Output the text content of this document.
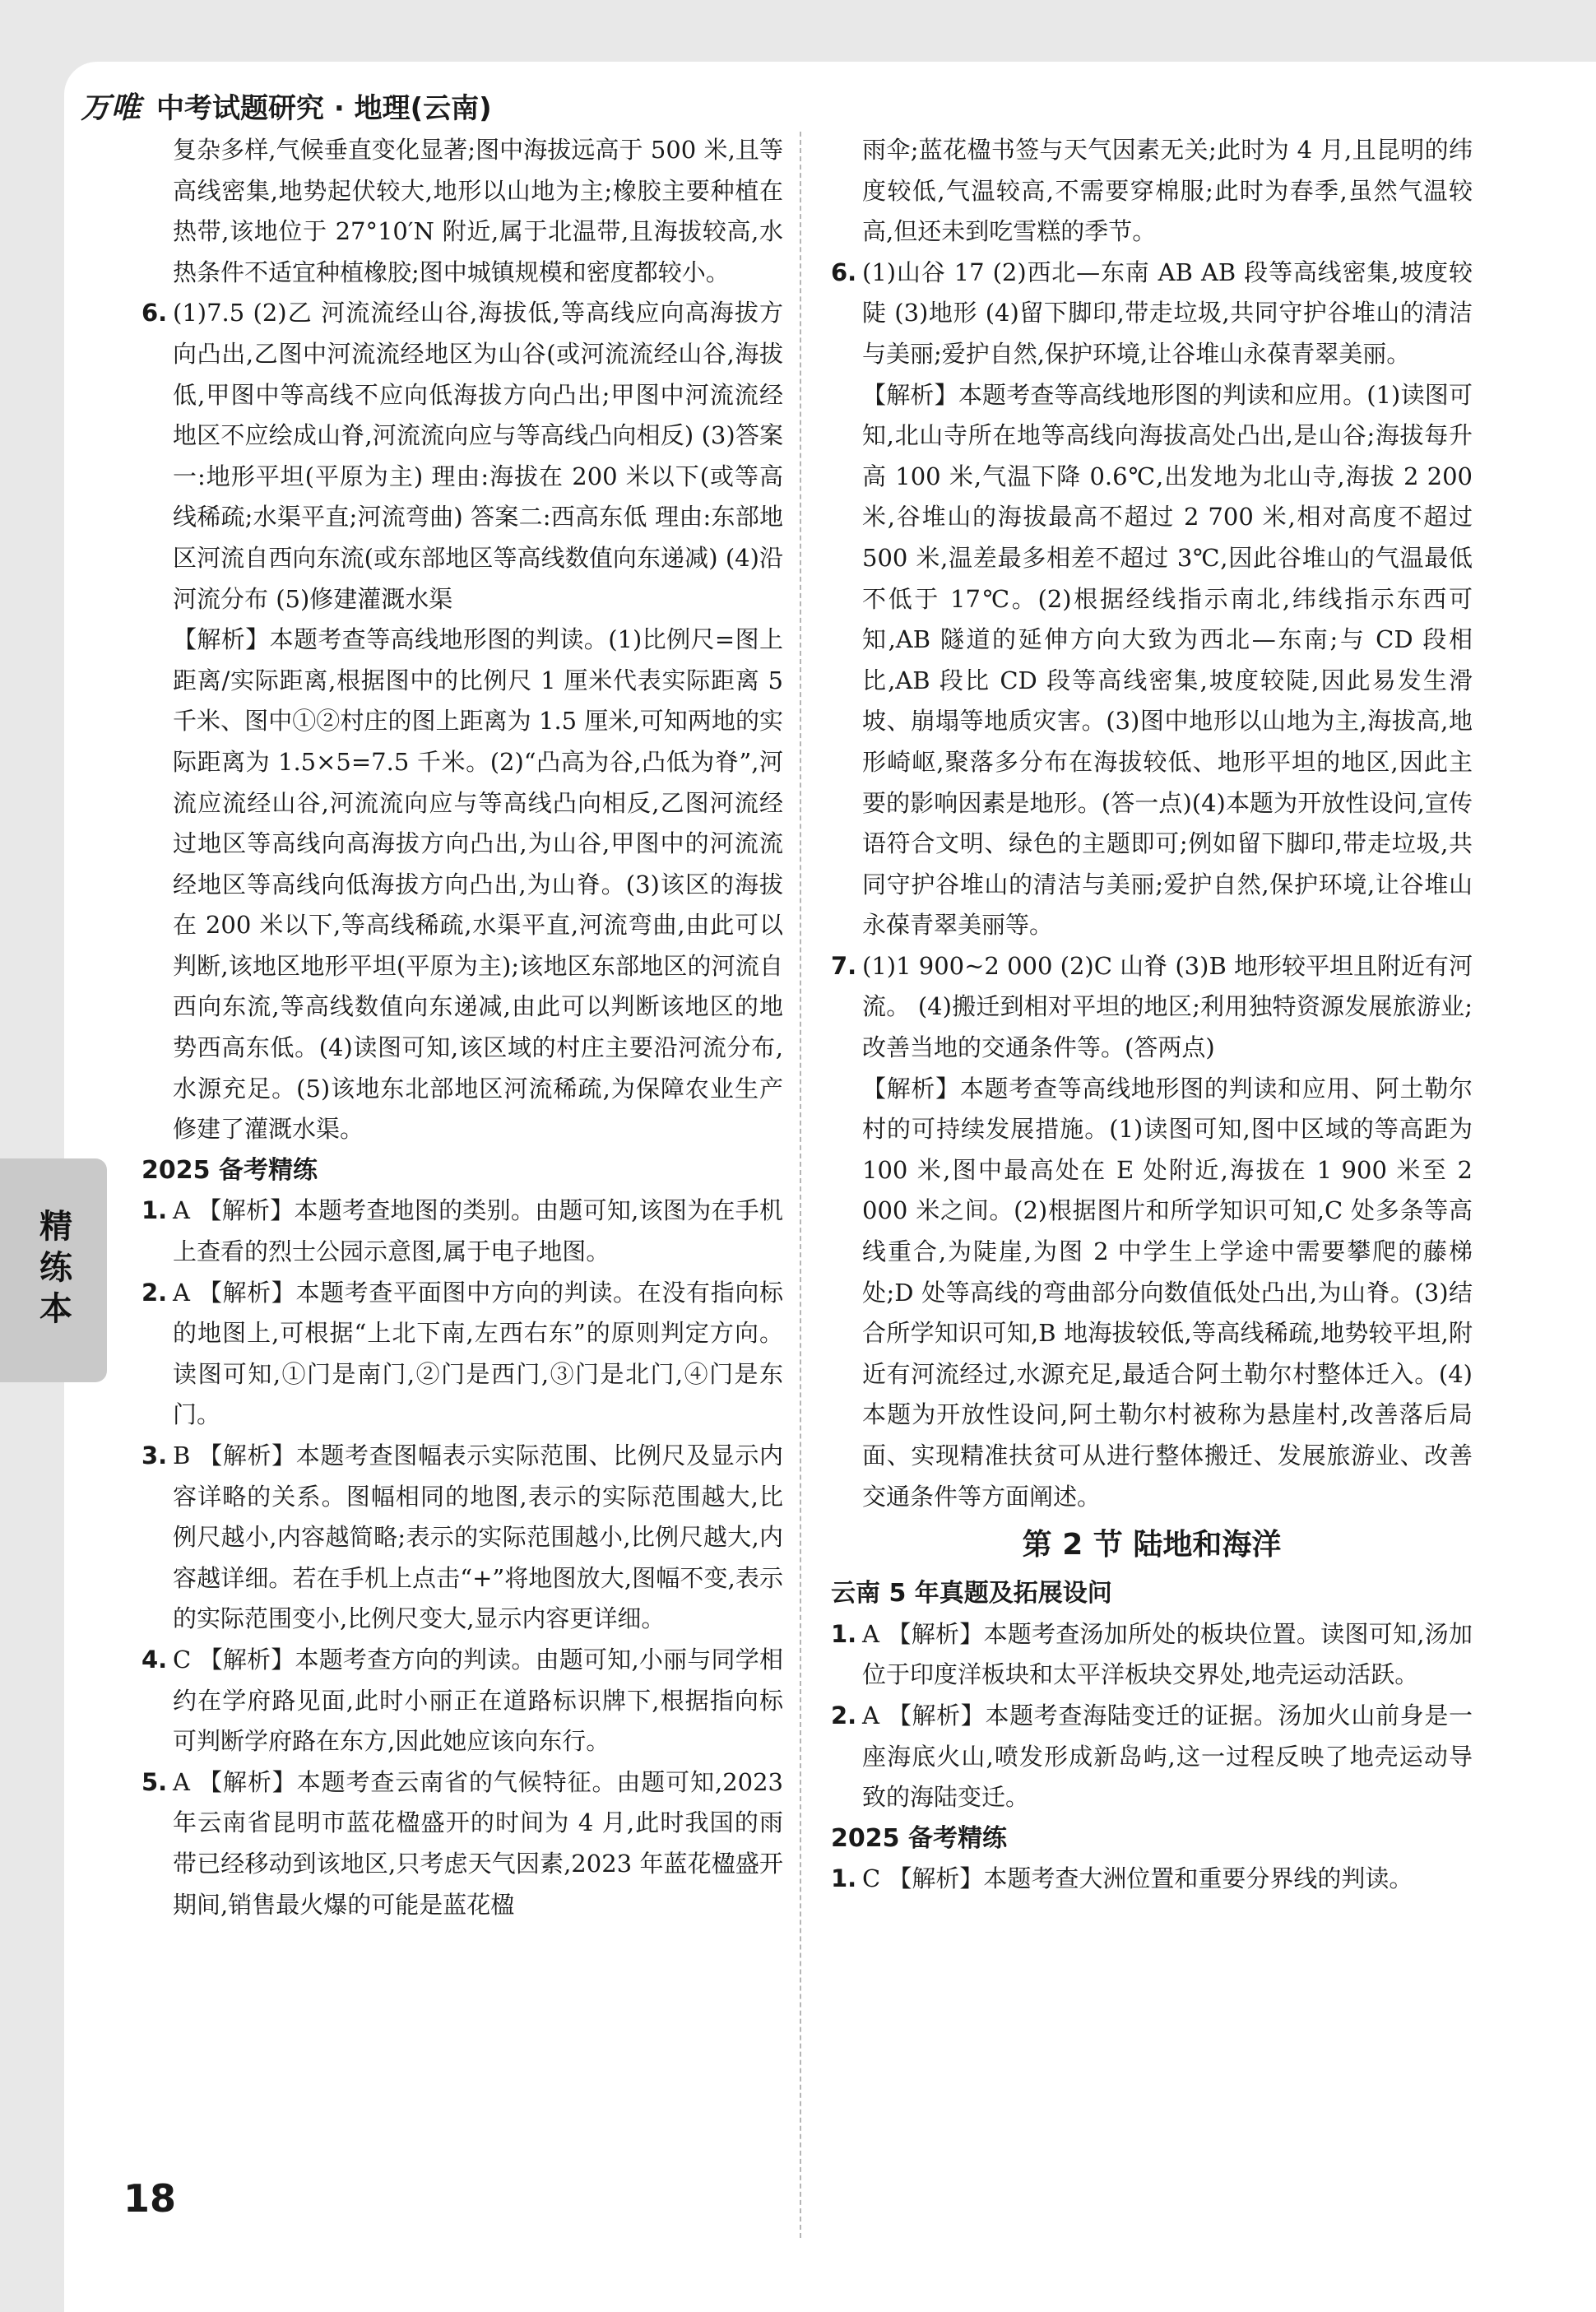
万唯 中考试题研究 · 地理(云南)

复杂多样,气候垂直变化显著;图中海拔远高于 500 米,且等高线密集,地势起伏较大,地形以山地为主;橡胶主要种植在热带,该地位于 27°10′N 附近,属于北温带,且海拔较高,水热条件不适宜种植橡胶;图中城镇规模和密度都较小。

6. (1)7.5 (2)乙 河流流经山谷,海拔低,等高线应向高海拔方向凸出,乙图中河流流经地区为山谷(或河流流经山谷,海拔低,甲图中等高线不应向低海拔方向凸出;甲图中河流流经地区不应绘成山脊,河流流向应与等高线凸向相反) (3)答案一:地形平坦(平原为主) 理由:海拔在 200 米以下(或等高线稀疏;水渠平直;河流弯曲) 答案二:西高东低 理由:东部地区河流自西向东流(或东部地区等高线数值向东递减) (4)沿河流分布 (5)修建灌溉水渠

【解析】本题考查等高线地形图的判读。(1)比例尺=图上距离/实际距离,根据图中的比例尺 1 厘米代表实际距离 5 千米、图中①②村庄的图上距离为 1.5 厘米,可知两地的实际距离为 1.5×5=7.5 千米。(2)“凸高为谷,凸低为脊”,河流应流经山谷,河流流向应与等高线凸向相反,乙图河流经过地区等高线向高海拔方向凸出,为山谷,甲图中的河流流经地区等高线向低海拔方向凸出,为山脊。(3)该区的海拔在 200 米以下,等高线稀疏,水渠平直,河流弯曲,由此可以判断,该地区地形平坦(平原为主);该地区东部地区的河流自西向东流,等高线数值向东递减,由此可以判断该地区的地势西高东低。(4)读图可知,该区域的村庄主要沿河流分布,水源充足。(5)该地东北部地区河流稀疏,为保障农业生产修建了灌溉水渠。

2025 备考精练
1. A 【解析】本题考查地图的类别。由题可知,该图为在手机上查看的烈士公园示意图,属于电子地图。
2. A 【解析】本题考查平面图中方向的判读。在没有指向标的地图上,可根据“上北下南,左西右东”的原则判定方向。读图可知,①门是南门,②门是西门,③门是北门,④门是东门。
3. B 【解析】本题考查图幅表示实际范围、比例尺及显示内容详略的关系。图幅相同的地图,表示的实际范围越大,比例尺越小,内容越简略;表示的实际范围越小,比例尺越大,内容越详细。若在手机上点击“+”将地图放大,图幅不变,表示的实际范围变小,比例尺变大,显示内容更详细。
4. C 【解析】本题考查方向的判读。由题可知,小丽与同学相约在学府路见面,此时小丽正在道路标识牌下,根据指向标可判断学府路在东方,因此她应该向东行。
5. A 【解析】本题考查云南省的气候特征。由题可知,2023 年云南省昆明市蓝花楹盛开的时间为 4 月,此时我国的雨带已经移动到该地区,只考虑天气因素,2023 年蓝花楹盛开期间,销售最火爆的可能是蓝花楹

雨伞;蓝花楹书签与天气因素无关;此时为 4 月,且昆明的纬度较低,气温较高,不需要穿棉服;此时为春季,虽然气温较高,但还未到吃雪糕的季节。

6. (1)山谷 17 (2)西北—东南 AB AB 段等高线密集,坡度较陡 (3)地形 (4)留下脚印,带走垃圾,共同守护谷堆山的清洁与美丽;爱护自然,保护环境,让谷堆山永葆青翠美丽。

【解析】本题考查等高线地形图的判读和应用。(1)读图可知,北山寺所在地等高线向海拔高处凸出,是山谷;海拔每升高 100 米,气温下降 0.6℃,出发地为北山寺,海拔 2 200 米,谷堆山的海拔最高不超过 2 700 米,相对高度不超过 500 米,温差最多相差不超过 3℃,因此谷堆山的气温最低不低于 17℃。(2)根据经线指示南北,纬线指示东西可知,AB 隧道的延伸方向大致为西北—东南;与 CD 段相比,AB 段比 CD 段等高线密集,坡度较陡,因此易发生滑坡、崩塌等地质灾害。(3)图中地形以山地为主,海拔高,地形崎岖,聚落多分布在海拔较低、地形平坦的地区,因此主要的影响因素是地形。(答一点)(4)本题为开放性设问,宣传语符合文明、绿色的主题即可;例如留下脚印,带走垃圾,共同守护谷堆山的清洁与美丽;爱护自然,保护环境,让谷堆山永葆青翠美丽等。

7. (1)1 900~2 000 (2)C 山脊 (3)B 地形较平坦且附近有河流。 (4)搬迁到相对平坦的地区;利用独特资源发展旅游业;改善当地的交通条件等。(答两点)

【解析】本题考查等高线地形图的判读和应用、阿土勒尔村的可持续发展措施。(1)读图可知,图中区域的等高距为 100 米,图中最高处在 E 处附近,海拔在 1 900 米至 2 000 米之间。(2)根据图片和所学知识可知,C 处多条等高线重合,为陡崖,为图 2 中学生上学途中需要攀爬的藤梯处;D 处等高线的弯曲部分向数值低处凸出,为山脊。(3)结合所学知识可知,B 地海拔较低,等高线稀疏,地势较平坦,附近有河流经过,水源充足,最适合阿土勒尔村整体迁入。(4)本题为开放性设问,阿土勒尔村被称为悬崖村,改善落后局面、实现精准扶贫可从进行整体搬迁、发展旅游业、改善交通条件等方面阐述。

第 2 节 陆地和海洋
云南 5 年真题及拓展设问
1. A 【解析】本题考查汤加所处的板块位置。读图可知,汤加位于印度洋板块和太平洋板块交界处,地壳运动活跃。
2. A 【解析】本题考查海陆变迁的证据。汤加火山前身是一座海底火山,喷发形成新岛屿,这一过程反映了地壳运动导致的海陆变迁。
2025 备考精练
1. C 【解析】本题考查大洲位置和重要分界线的判读。
精练本
18
